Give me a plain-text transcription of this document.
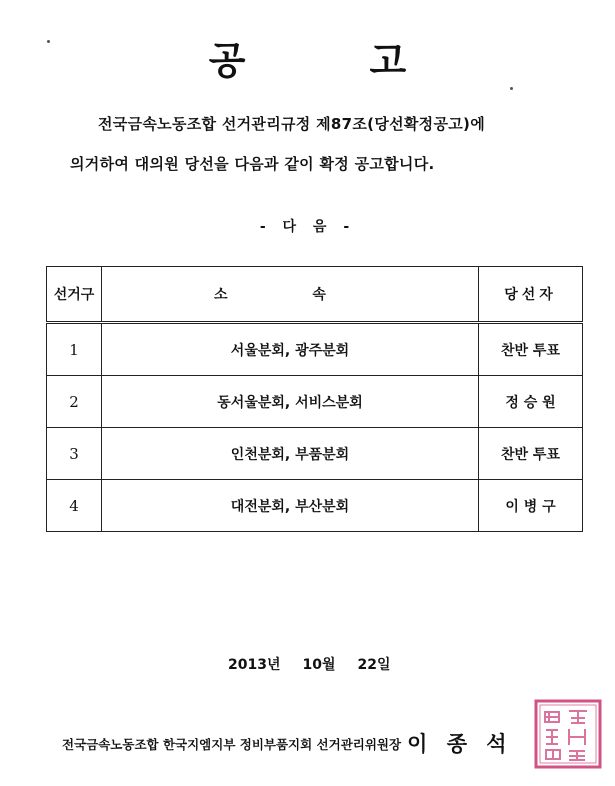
공	고
전국금속노동조합 선거관리규정 제87조(당선확정공고)에
의거하여 대의원 당선을 다음과 같이 확정 공고합니다.
- 다 음 -
선거구	소 속	당선자
1	서울분회, 광주분회	찬반 투표
2	동서울분회, 서비스분회	정 승 원
3	인천분회, 부품분회	찬반 투표
4	대전분회, 부산분회	이 병 구
2013년 10월 22일
전국금속노동조합 한국지엠지부 정비부품지회 선거관리위원장 이 종 석
